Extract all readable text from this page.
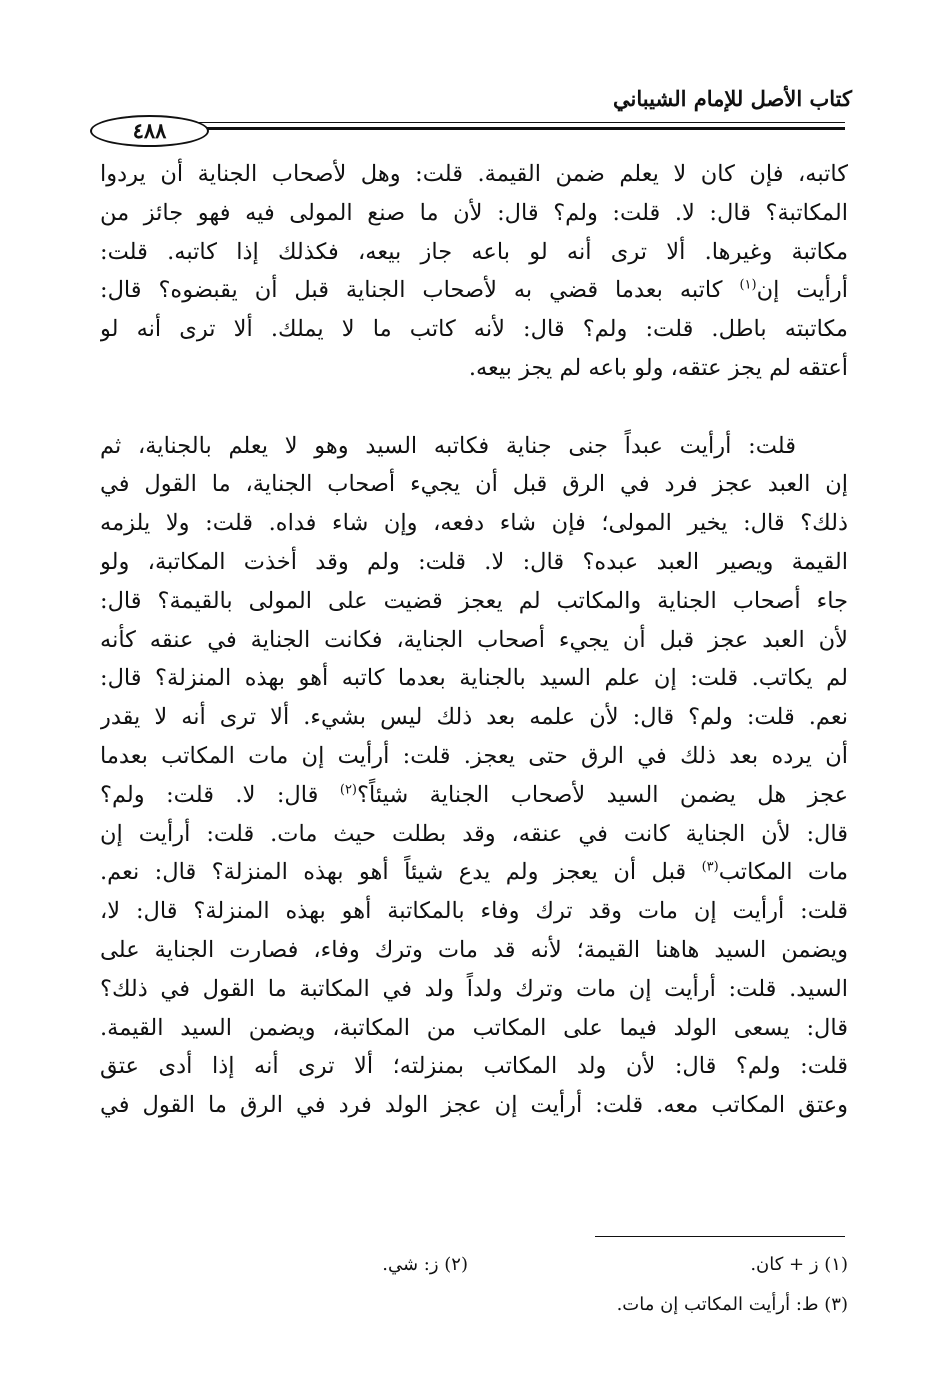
كتاب الأصل للإمام الشيباني
٤٨٨
كاتبه، فإن كان لا يعلم ضمن القيمة. قلت: وهل لأصحاب الجناية أن يردوا
المكاتبة؟ قال: لا. قلت: ولم؟ قال: لأن ما صنع المولى فيه فهو جائز من
مكاتبة وغيرها. ألا ترى أنه لو باعه جاز بيعه، فكذلك إذا كاتبه. قلت:
أرأيت إن$^{(١)}$ كاتبه بعدما قضي به لأصحاب الجناية قبل أن يقبضوه؟ قال:
مكاتبته باطل. قلت: ولم؟ قال: لأنه كاتب ما لا يملك. ألا ترى أنه لو
أعتقه لم يجز عتقه، ولو باعه لم يجز بيعه.
قلت: أرأيت عبداً جنى جناية فكاتبه السيد وهو لا يعلم بالجناية، ثم
إن العبد عجز فرد في الرق قبل أن يجيء أصحاب الجناية، ما القول في
ذلك؟ قال: يخير المولى؛ فإن شاء دفعه، وإن شاء فداه. قلت: ولا يلزمه
القيمة ويصير العبد عبده؟ قال: لا. قلت: ولم وقد أخذت المكاتبة، ولو
جاء أصحاب الجناية والمكاتب لم يعجز قضيت على المولى بالقيمة؟ قال:
لأن العبد عجز قبل أن يجيء أصحاب الجناية، فكانت الجناية في عنقه كأنه
لم يكاتب. قلت: إن علم السيد بالجناية بعدما كاتبه أهو بهذه المنزلة؟ قال:
نعم. قلت: ولم؟ قال: لأن علمه بعد ذلك ليس بشيء. ألا ترى أنه لا يقدر
أن يرده بعد ذلك في الرق حتى يعجز. قلت: أرأيت إن مات المكاتب بعدما
عجز هل يضمن السيد لأصحاب الجناية شيئاً؟$^{(٢)}$ قال: لا. قلت: ولم؟
قال: لأن الجناية كانت في عنقه، وقد بطلت حيث مات. قلت: أرأيت إن
مات المكاتب$^{(٣)}$ قبل أن يعجز ولم يدع شيئاً أهو بهذه المنزلة؟ قال: نعم.
قلت: أرأيت إن مات وقد ترك وفاء بالمكاتبة أهو بهذه المنزلة؟ قال: لا،
ويضمن السيد هاهنا القيمة؛ لأنه قد مات وترك وفاء، فصارت الجناية على
السيد. قلت: أرأيت إن مات وترك ولداً ولد في المكاتبة ما القول في ذلك؟
قال: يسعى الولد فيما على المكاتب من المكاتبة، ويضمن السيد القيمة.
قلت: ولم؟ قال: لأن ولد المكاتب بمنزلته؛ ألا ترى أنه إذا أدى عتق
وعتق المكاتب معه. قلت: أرأيت إن عجز الولد فرد في الرق ما القول في
(١) ز + كان.
(٢) ز: شي.
(٣) ط: أرأيت المكاتب إن مات.
